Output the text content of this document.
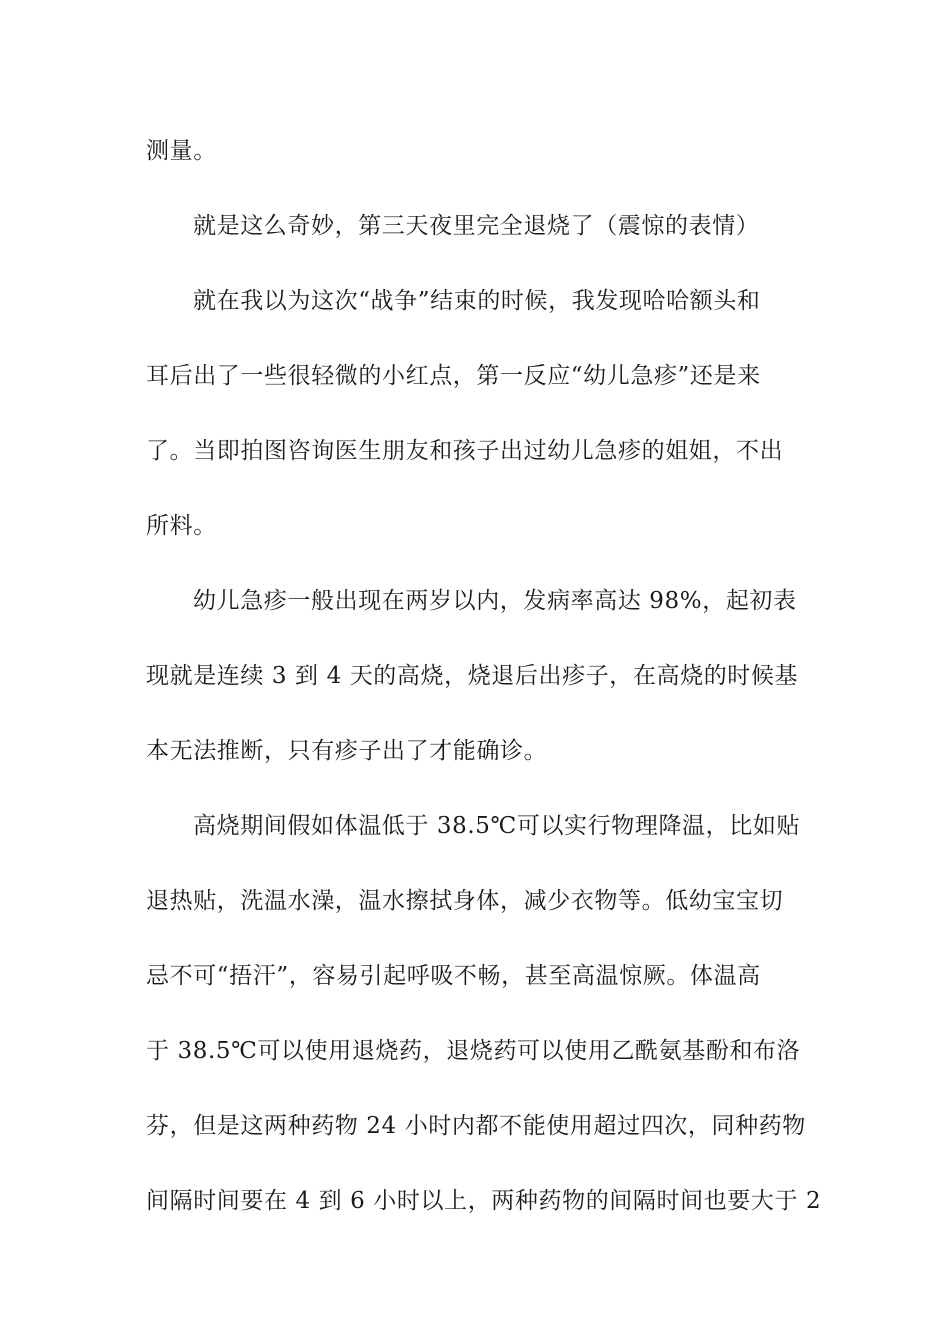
测量。
就是这么奇妙，第三天夜里完全退烧了（震惊的表情）
就在我以为这次“战争”结束的时候，我发现哈哈额头和
耳后出了一些很轻微的小红点，第一反应“幼儿急疹”还是来
了。当即拍图咨询医生朋友和孩子出过幼儿急疹的姐姐，不出
所料。
幼儿急疹一般出现在两岁以内，发病率高达 98%，起初表
现就是连续 3 到 4 天的高烧，烧退后出疹子，在高烧的时候基
本无法推断，只有疹子出了才能确诊。
高烧期间假如体温低于 38.5℃可以实行物理降温，比如贴
退热贴，洗温水澡，温水擦拭身体，减少衣物等。低幼宝宝切
忌不可“捂汗”，容易引起呼吸不畅，甚至高温惊厥。体温高
于 38.5℃可以使用退烧药，退烧药可以使用乙酰氨基酚和布洛
芬，但是这两种药物 24 小时内都不能使用超过四次，同种药物
间隔时间要在 4 到 6 小时以上，两种药物的间隔时间也要大于 2
